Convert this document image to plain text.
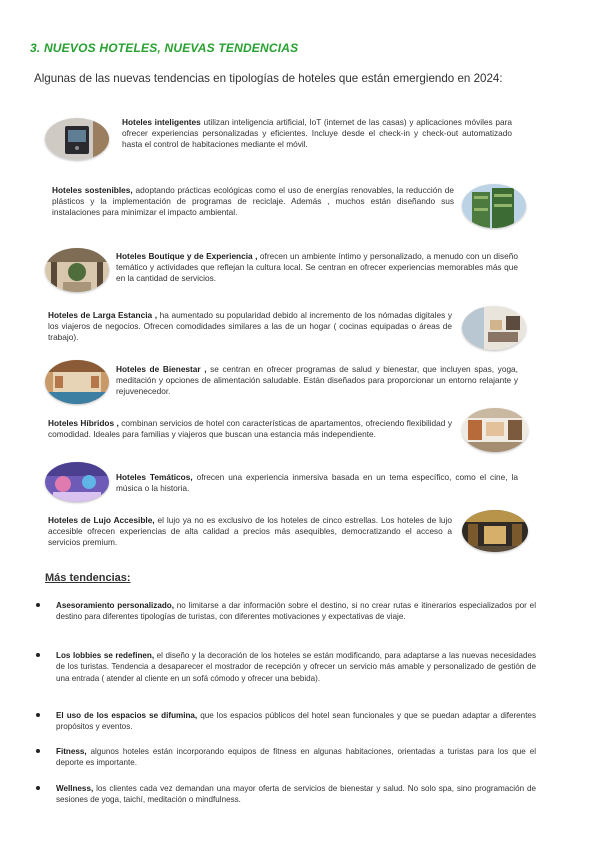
3. NUEVOS HOTELES, NUEVAS TENDENCIAS

Algunas de las nuevas tendencias en tipologías de hoteles que están emergiendo en 2024:

Hoteles inteligentes utilizan inteligencia artificial, IoT (internet de las casas) y aplicaciones móviles para ofrecer experiencias personalizadas y eficientes. Incluye desde el check-in y check-out automatizado hasta el control de habitaciones mediante el móvil.
Hoteles sostenibles, adoptando prácticas ecológicas como el uso de energías renovables, la reducción de plásticos y la implementación de programas de reciclaje. Además , muchos están diseñando sus instalaciones para minimizar el impacto ambiental.
Hoteles Boutique y de Experiencia , ofrecen un ambiente íntimo y personalizado, a menudo con un diseño temático y actividades que reflejan la cultura local. Se centran en ofrecer experiencias memorables más que en la cantidad de servicios.
Hoteles de Larga Estancia , ha aumentado su popularidad debido al incremento de los nómadas digitales y los viajeros de negocios. Ofrecen comodidades similares a las de un hogar ( cocinas equipadas o áreas de trabajo).
Hoteles de Bienestar , se centran en ofrecer programas de salud y bienestar, que incluyen spas, yoga, meditación y opciones de alimentación saludable. Están diseñados para proporcionar un entorno relajante y rejuvenecedor.
Hoteles Híbridos , combinan servicios de hotel con características de apartamentos, ofreciendo flexibilidad y comodidad. Ideales para familias y viajeros que buscan una estancia más independiente.
Hoteles Temáticos, ofrecen una experiencia inmersiva basada en un tema específico, como el cine, la música o la historia.
Hoteles de Lujo Accesible, el lujo ya no es exclusivo de los hoteles de cinco estrellas. Los hoteles de lujo accesible ofrecen experiencias de alta calidad a precios más asequibles, democratizando el acceso a servicios premium.
Más tendencias:
Asesoramiento personalizado, no limitarse a dar información sobre el destino, si no crear rutas e itinerarios especializados por el destino para diferentes tipologías de turistas, con diferentes motivaciones y expectativas de viaje.
Los lobbies se redefinen, el diseño y la decoración de los hoteles se están modificando, para adaptarse a las nuevas necesidades de los turistas. Tendencia a desaparecer el mostrador de recepción y ofrecer un servicio más amable y personalizado de gestión de una entrada ( atender al cliente en un sofá cómodo y ofrecer una bebida).
El uso de los espacios se difumina, que los espacios públicos del hotel sean funcionales y que se puedan adaptar a diferentes propósitos y eventos.
Fitness, algunos hoteles están incorporando equipos de fitness en algunas habitaciones, orientadas a turistas para los que el deporte es importante.
Wellness, los clientes cada vez demandan una mayor oferta de servicios de bienestar y salud. No solo spa, sino programación de sesiones de yoga, taichí, meditación o mindfulness.
